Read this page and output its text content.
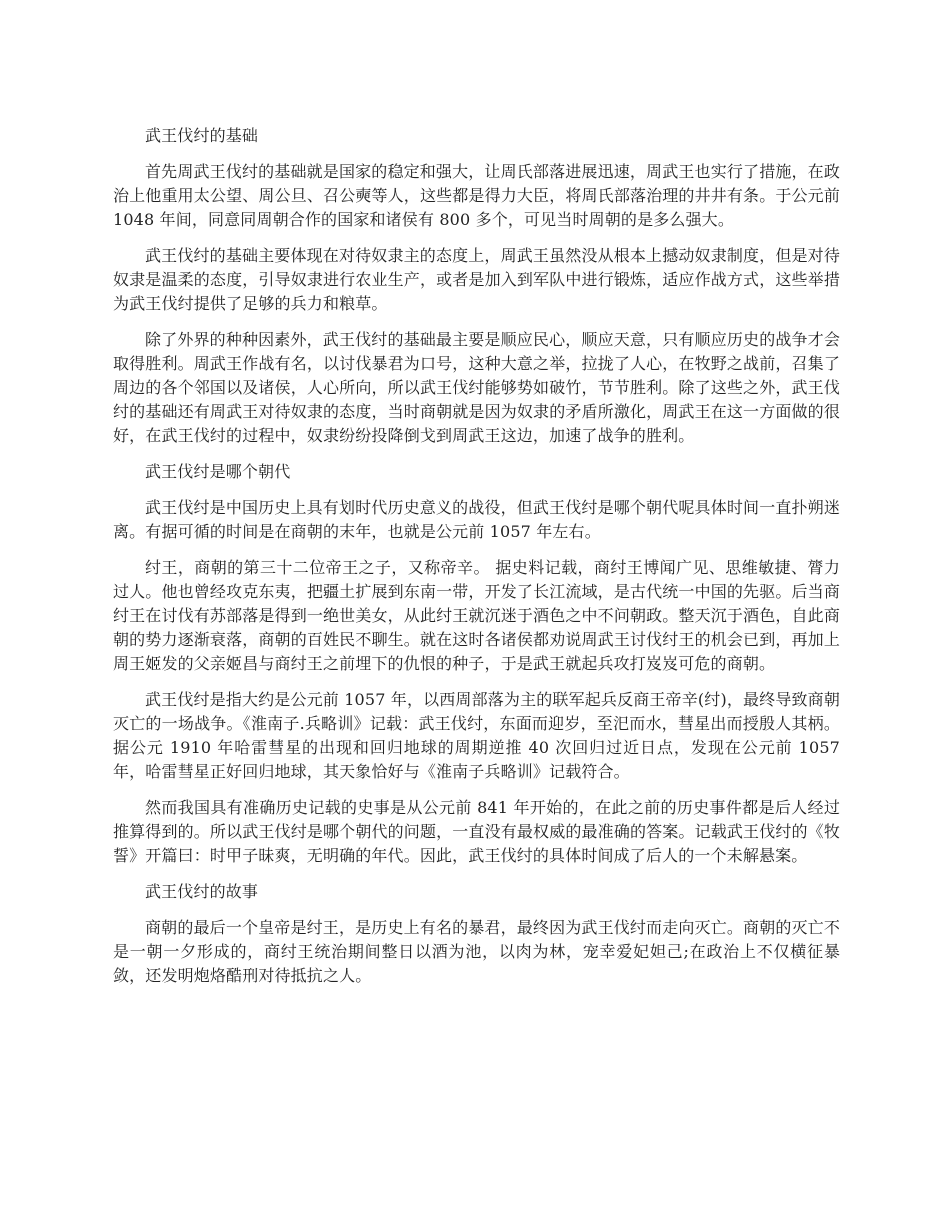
武王伐纣的基础

首先周武王伐纣的基础就是国家的稳定和强大，让周氏部落进展迅速，周武王也实行了措施，在政治上他重用太公望、周公旦、召公奭等人，这些都是得力大臣，将周氏部落治理的井井有条。于公元前 1048 年间，同意同周朝合作的国家和诸侯有 800 多个，可见当时周朝的是多么强大。

武王伐纣的基础主要体现在对待奴隶主的态度上，周武王虽然没从根本上撼动奴隶制度，但是对待奴隶是温柔的态度，引导奴隶进行农业生产，或者是加入到军队中进行锻炼，适应作战方式，这些举措为武王伐纣提供了足够的兵力和粮草。

除了外界的种种因素外，武王伐纣的基础最主要是顺应民心，顺应天意，只有顺应历史的战争才会取得胜利。周武王作战有名，以讨伐暴君为口号，这种大意之举，拉拢了人心，在牧野之战前，召集了周边的各个邻国以及诸侯，人心所向，所以武王伐纣能够势如破竹，节节胜利。除了这些之外，武王伐纣的基础还有周武王对待奴隶的态度，当时商朝就是因为奴隶的矛盾所激化，周武王在这一方面做的很好，在武王伐纣的过程中，奴隶纷纷投降倒戈到周武王这边，加速了战争的胜利。

武王伐纣是哪个朝代

武王伐纣是中国历史上具有划时代历史意义的战役，但武王伐纣是哪个朝代呢具体时间一直扑朔迷离。有据可循的时间是在商朝的末年，也就是公元前 1057 年左右。

纣王，商朝的第三十二位帝王之子，又称帝辛。 据史料记载，商纣王博闻广见、思维敏捷、膂力过人。他也曾经攻克东夷，把疆土扩展到东南一带，开发了长江流域，是古代统一中国的先驱。后当商纣王在讨伐有苏部落是得到一绝世美女，从此纣王就沉迷于酒色之中不问朝政。整天沉于酒色，自此商朝的势力逐渐衰落，商朝的百姓民不聊生。就在这时各诸侯都劝说周武王讨伐纣王的机会已到，再加上周王姬发的父亲姬昌与商纣王之前埋下的仇恨的种子，于是武王就起兵攻打岌岌可危的商朝。

武王伐纣是指大约是公元前 1057 年，以西周部落为主的联军起兵反商王帝辛(纣)，最终导致商朝灭亡的一场战争。《淮南子.兵略训》记载：武王伐纣，东面而迎岁，至汜而水，彗星出而授殷人其柄。据公元 1910 年哈雷彗星的出现和回归地球的周期逆推 40 次回归过近日点，发现在公元前 1057 年，哈雷彗星正好回归地球，其天象恰好与《淮南子兵略训》记载符合。

然而我国具有准确历史记载的史事是从公元前 841 年开始的，在此之前的历史事件都是后人经过推算得到的。所以武王伐纣是哪个朝代的问题，一直没有最权威的最准确的答案。记载武王伐纣的《牧誓》开篇曰：时甲子昧爽，无明确的年代。因此，武王伐纣的具体时间成了后人的一个未解悬案。

武王伐纣的故事

商朝的最后一个皇帝是纣王，是历史上有名的暴君，最终因为武王伐纣而走向灭亡。商朝的灭亡不是一朝一夕形成的，商纣王统治期间整日以酒为池，以肉为林，宠幸爱妃妲己;在政治上不仅横征暴敛，还发明炮烙酷刑对待抵抗之人。
